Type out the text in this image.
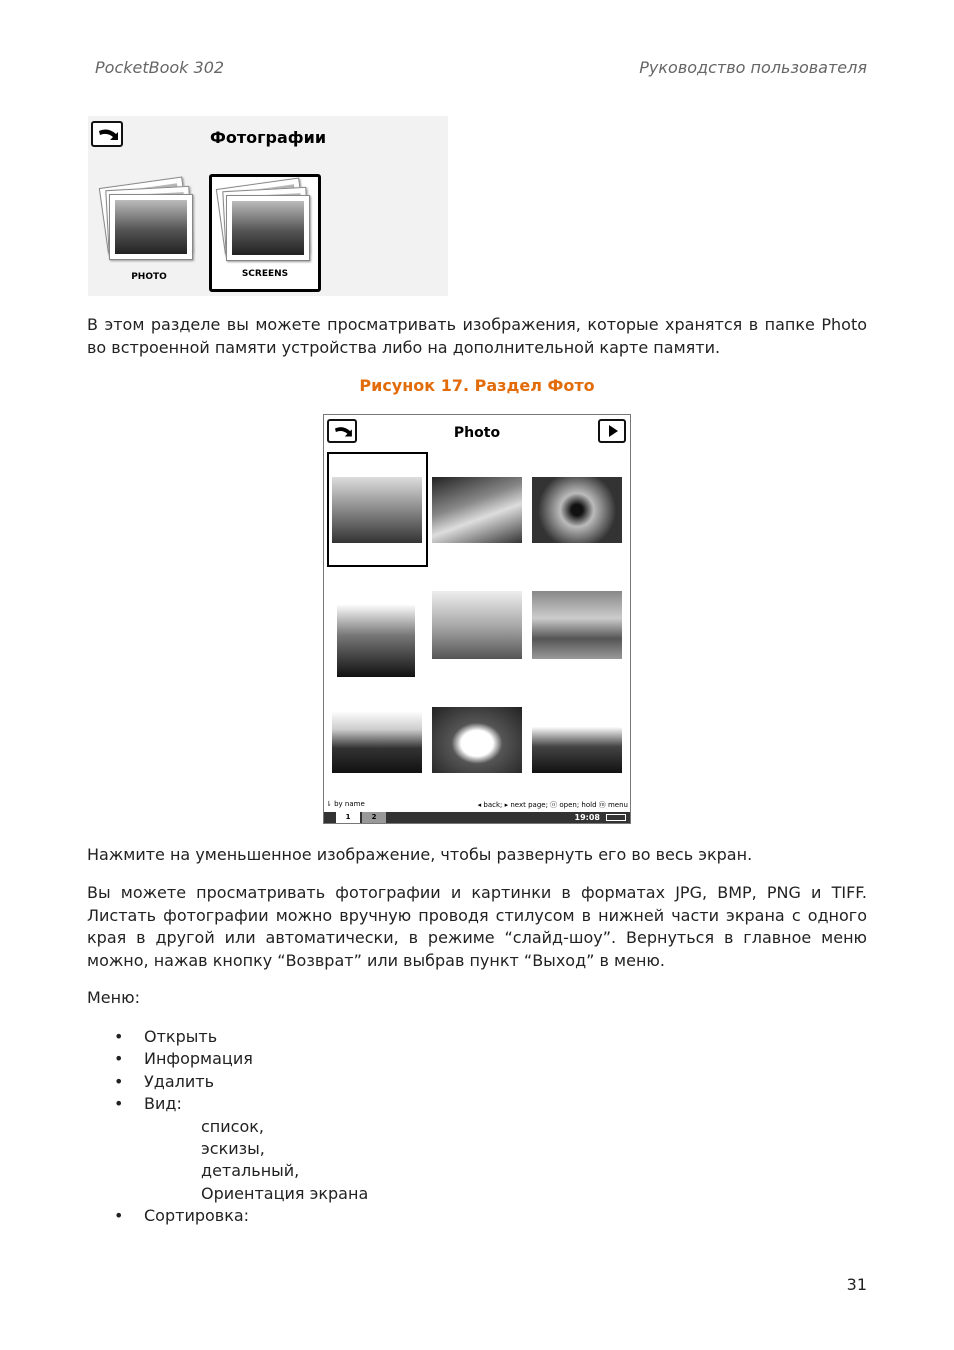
PocketBook 302	Руководство пользователя
Фотографии
PHOTO	SCREENS
В этом разделе вы можете просматривать изображения, которые хранятся в папке Photo во встроенной памяти устройства либо на дополнительной карте памяти.
Рисунок 17. Раздел Фото
Photo
⇂ by name	◂ back; ▸ next page; ⓞ open; hold ⓜ menu
1	2	19:08
Нажмите на уменьшенное изображение, чтобы развернуть его во весь экран.
Вы можете просматривать фотографии и картинки в форматах JPG, BMP, PNG и TIFF. Листать фотографии можно вручную проводя стилусом в нижней части экрана с одного края в другой или автоматически, в режиме “слайд-шоу”. Вернуться в главное меню можно, нажав кнопку “Возврат” или выбрав пункт “Выход” в меню.
Меню:
• Открыть
• Информация
• Удалить
• Вид:
список,
эскизы,
детальный,
Ориентация экрана
• Сортировка:
31
